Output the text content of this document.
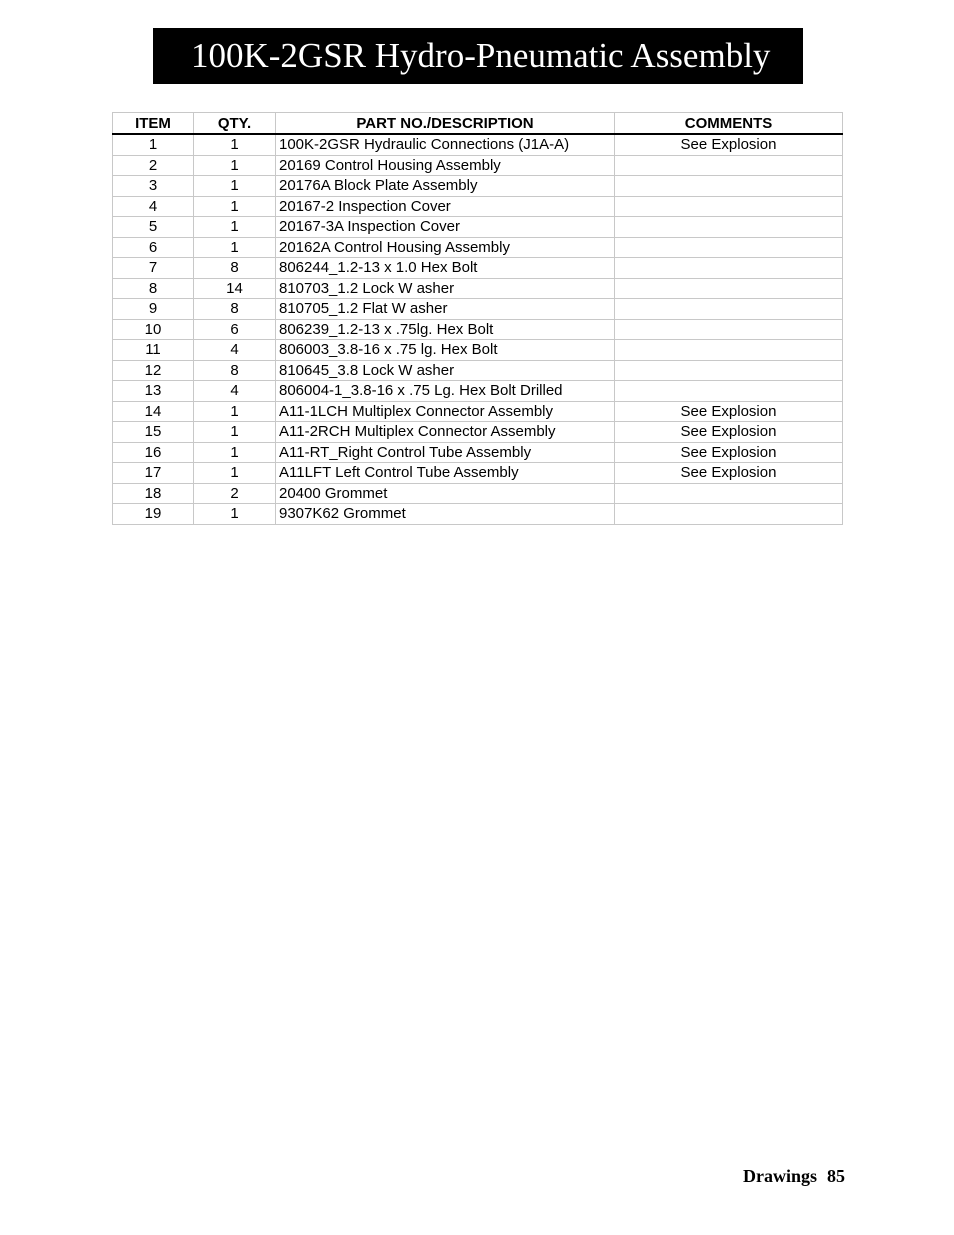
100K-2GSR Hydro-Pneumatic Assembly
ITEM	QTY.	PART NO./DESCRIPTION	COMMENTS
1	1	100K-2GSR Hydraulic Connections (J1A-A)	See Explosion
2	1	20169 Control Housing Assembly	
3	1	20176A Block Plate Assembly	
4	1	20167-2 Inspection Cover	
5	1	20167-3A Inspection Cover	
6	1	20162A Control Housing Assembly	
7	8	806244_1.2-13 x 1.0 Hex Bolt	
8	14	810703_1.2 Lock W asher	
9	8	810705_1.2 Flat W asher	
10	6	806239_1.2-13 x .75lg. Hex Bolt	
11	4	806003_3.8-16 x .75 lg. Hex Bolt	
12	8	810645_3.8 Lock W asher	
13	4	806004-1_3.8-16 x .75 Lg. Hex Bolt Drilled	
14	1	A11-1LCH Multiplex Connector Assembly	See Explosion
15	1	A11-2RCH Multiplex Connector Assembly	See Explosion
16	1	A11-RT_Right Control Tube Assembly	See Explosion
17	1	A11LFT Left Control Tube Assembly	See Explosion
18	2	20400 Grommet	
19	1	9307K62 Grommet	
Drawings 85
